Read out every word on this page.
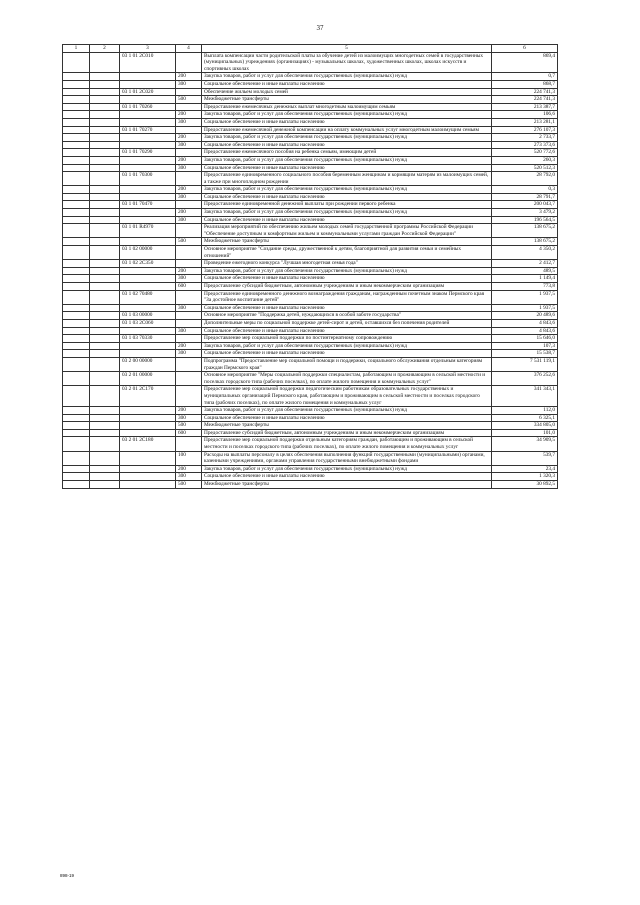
37
1	2	3	4	5	6
		03 1 01 2С010		Выплата компенсации части родительской платы за обучение детей из малоимущих многодетных семей в государственных (муниципальных) учреждениях (организациях) - музыкальных школах, художественных школах, школах искусств и спортивных школах	869,4
			200	Закупка товаров, работ и услуг для обеспечения государственных (муниципальных) нужд	0,7
			300	Социальное обеспечение и иные выплаты населению	868,7
		03 1 01 2С020		Обеспечение жильем молодых семей	224 741,3
			500	Межбюджетные трансферты	224 741,3
		03 1 01 70260		Предоставление ежемесячных денежных выплат многодетным малоимущим семьям	213 387,7
			200	Закупка товаров, работ и услуг для обеспечения государственных (муниципальных) нужд	106,6
			300	Социальное обеспечение и иные выплаты населению	213 281,1
		03 1 01 70270		Предоставление ежемесячной денежной компенсации на оплату коммунальных услуг многодетным малоимущим семьям	276 107,3
			200	Закупка товаров, работ и услуг для обеспечения государственных (муниципальных) нужд	2 733,7
			300	Социальное обеспечение и иные выплаты населению	273 373,6
		03 1 01 70290		Предоставление ежемесячного пособия на ребенка семьям, имеющим детей	520 772,6
			200	Закупка товаров, работ и услуг для обеспечения государственных (муниципальных) нужд	260,3
			300	Социальное обеспечение и иные выплаты населению	520 512,3
		03 1 01 70300		Предоставление единовременного социального пособия беременным женщинам и кормящим матерям из малоимущих семей, а также при многоплодном рождении	28 792,0
			200	Закупка товаров, работ и услуг для обеспечения государственных (муниципальных) нужд	0,3
			300	Социальное обеспечение и иные выплаты населению	28 791,7
		03 1 01 70470		Предоставление единовременной денежной выплаты при рождении первого ребенка	200 043,7
			200	Закупка товаров, работ и услуг для обеспечения государственных (муниципальных) нужд	3 479,2
			300	Социальное обеспечение и иные выплаты населению	196 564,5
		03 1 01 R4970		Реализация мероприятий по обеспечению жильем молодых семей государственной программы Российской Федерации "Обеспечение доступным и комфортным жильем и коммунальными услугами граждан Российской Федерации"	138 675,2
			500	Межбюджетные трансферты	138 675,2
		03 1 02 00000		Основное мероприятие "Создание среды, дружественной к детям, благоприятной для развития семьи и семейных отношений"	4 350,2
		03 1 02 2С350		Проведение ежегодного конкурса "Лучшая многодетная семья года"	2 412,7
			200	Закупка товаров, работ и услуг для обеспечения государственных (муниципальных) нужд	489,5
			300	Социальное обеспечение и иные выплаты населению	1 149,4
			600	Предоставление субсидий бюджетным, автономным учреждениям и иным некоммерческим организациям	773,8
		03 1 02 70480		Предоставление единовременного денежного вознаграждения гражданам, награжденным почетным знаком Пермского края "За достойное воспитание детей"	1 937,5
			300	Социальное обеспечение и иные выплаты населению	1 937,5
		03 1 03 00000		Основное мероприятие "Поддержка детей, нуждающихся в особой заботе государства"	20 489,6
		03 1 03 2С060		Дополнительные меры по социальной поддержке детей-сирот и детей, оставшихся без попечения родителей	4 843,6
			300	Социальное обеспечение и иные выплаты населению	4 843,6
		03 1 03 70330		Предоставление мер социальной поддержки по постинтернатному сопровождению	15 646,0
			200	Закупка товаров, работ и услуг для обеспечения государственных (муниципальных) нужд	107,3
			300	Социальное обеспечение и иные выплаты населению	15 538,7
		03 2 00 00000		Подпрограмма "Предоставление мер социальной помощи и поддержки, социального обслуживания отдельным категориям граждан Пермского края"	7 531 119,1
		03 2 01 00000		Основное мероприятие "Меры социальной поддержки специалистам, работающим и проживающим в сельской местности и поселках городского типа (рабочих поселках), по оплате жилого помещения и коммунальных услуг"	376 252,6
		03 2 01 2С170		Предоставление мер социальной поддержки педагогическим работникам образовательных государственных и муниципальных организаций Пермского края, работающим и проживающим в сельской местности и поселках городского типа (рабочих поселках), по оплате жилого помещения и коммунальных услуг	341 343,1
			200	Закупка товаров, работ и услуг для обеспечения государственных (муниципальных) нужд	112,0
			300	Социальное обеспечение и иные выплаты населению	6 325,1
			500	Межбюджетные трансферты	334 805,0
			600	Предоставление субсидий бюджетным, автономным учреждениям и иным некоммерческим организациям	101,0
		03 2 01 2С180		Предоставление мер социальной поддержки отдельным категориям граждан, работающим и проживающим в сельской местности и поселках городского типа (рабочих поселках), по оплате жилого помещения и коммунальных услуг	34 909,5
			100	Расходы на выплаты персоналу в целях обеспечения выполнения функций государственными (муниципальными) органами, казенными учреждениями, органами управления государственными внебюджетными фондами	539,7
			200	Закупка товаров, работ и услуг для обеспечения государственных (муниципальных) нужд	23,4
			300	Социальное обеспечение и иные выплаты населению	1 320,3
			500	Межбюджетные трансферты	30 892,5
898-19
